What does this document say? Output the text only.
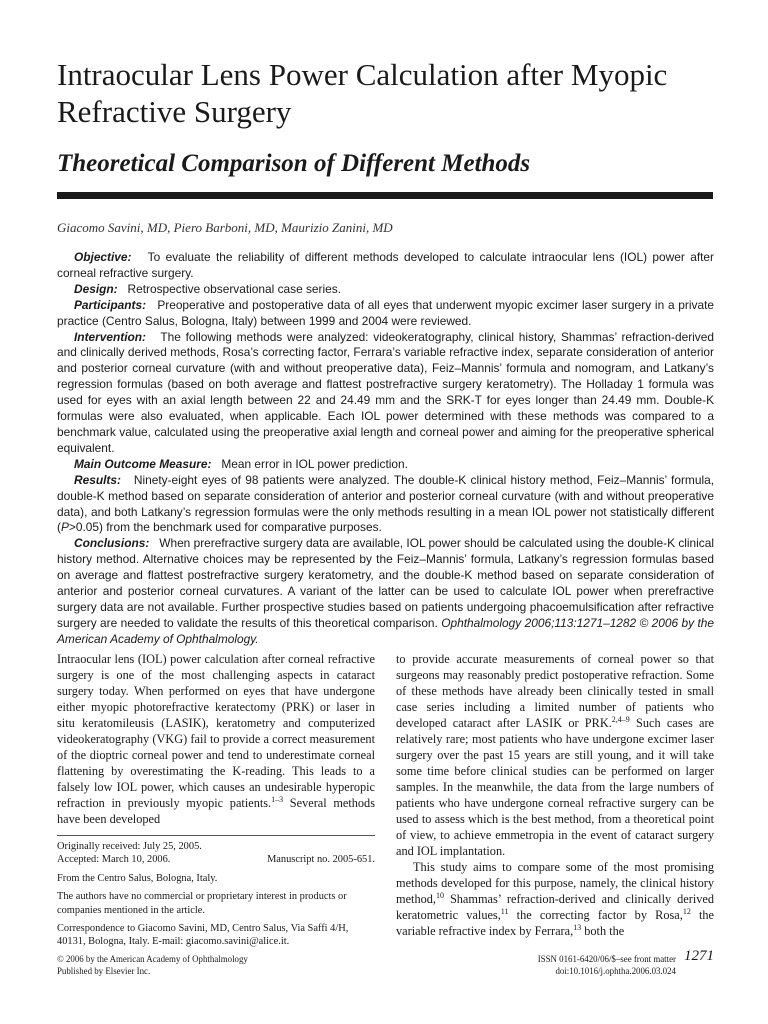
Intraocular Lens Power Calculation after Myopic Refractive Surgery
Theoretical Comparison of Different Methods
Giacomo Savini, MD, Piero Barboni, MD, Maurizio Zanini, MD

Objective: To evaluate the reliability of different methods developed to calculate intraocular lens (IOL) power after corneal refractive surgery.

Design: Retrospective observational case series.

Participants: Preoperative and postoperative data of all eyes that underwent myopic excimer laser surgery in a private practice (Centro Salus, Bologna, Italy) between 1999 and 2004 were reviewed.

Intervention: The following methods were analyzed: videokeratography, clinical history, Shammas’ refraction-derived and clinically derived methods, Rosa’s correcting factor, Ferrara’s variable refractive index, separate consideration of anterior and posterior corneal curvature (with and without preoperative data), Feiz–Mannis’ formula and nomogram, and Latkany’s regression formulas (based on both average and flattest postrefractive surgery keratometry). The Holladay 1 formula was used for eyes with an axial length between 22 and 24.49 mm and the SRK-T for eyes longer than 24.49 mm. Double-K formulas were also evaluated, when applicable. Each IOL power determined with these methods was compared to a benchmark value, calculated using the preoperative axial length and corneal power and aiming for the preoperative spherical equivalent.

Main Outcome Measure: Mean error in IOL power prediction.

Results: Ninety-eight eyes of 98 patients were analyzed. The double-K clinical history method, Feiz–Mannis’ formula, double-K method based on separate consideration of anterior and posterior corneal curvature (with and without preoperative data), and both Latkany’s regression formulas were the only methods resulting in a mean IOL power not statistically different (P>0.05) from the benchmark used for comparative purposes.

Conclusions: When prerefractive surgery data are available, IOL power should be calculated using the double-K clinical history method. Alternative choices may be represented by the Feiz–Mannis’ formula, Latkany’s regression formulas based on average and flattest postrefractive surgery keratometry, and the double-K method based on separate consideration of anterior and posterior corneal curvatures. A variant of the latter can be used to calculate IOL power when prerefractive surgery data are not available. Further prospective studies based on patients undergoing phacoemulsification after refractive surgery are needed to validate the results of this theoretical comparison. Ophthalmology 2006;113:1271–1282 © 2006 by the American Academy of Ophthalmology.

Intraocular lens (IOL) power calculation after corneal refractive surgery is one of the most challenging aspects in cataract surgery today. When performed on eyes that have undergone either myopic photorefractive keratectomy (PRK) or laser in situ keratomileusis (LASIK), keratometry and computerized videokeratography (VKG) fail to provide a correct measurement of the dioptric corneal power and tend to underestimate corneal flattening by overestimating the K-reading. This leads to a falsely low IOL power, which causes an undesirable hyperopic refraction in previously myopic patients.$^{1-3}$ Several methods have been developed

Originally received: July 25, 2005.
Accepted: March 10, 2006.	Manuscript no. 2005-651.
From the Centro Salus, Bologna, Italy.
The authors have no commercial or proprietary interest in products or companies mentioned in the article.
Correspondence to Giacomo Savini, MD, Centro Salus, Via Saffi 4/H, 40131, Bologna, Italy. E-mail: giacomo.savini@alice.it.

to provide accurate measurements of corneal power so that surgeons may reasonably predict postoperative refraction. Some of these methods have already been clinically tested in small case series including a limited number of patients who developed cataract after LASIK or PRK.$^{2,4-9}$ Such cases are relatively rare; most patients who have undergone excimer laser surgery over the past 15 years are still young, and it will take some time before clinical studies can be performed on larger samples. In the meanwhile, the data from the large numbers of patients who have undergone corneal refractive surgery can be used to assess which is the best method, from a theoretical point of view, to achieve emmetropia in the event of cataract surgery and IOL implantation.

This study aims to compare some of the most promising methods developed for this purpose, namely, the clinical history method,$^{10}$ Shammas’ refraction-derived and clinically derived keratometric values,$^{11}$ the correcting factor by Rosa,$^{12}$ the variable refractive index by Ferrara,$^{13}$ both the

© 2006 by the American Academy of Ophthalmology
Published by Elsevier Inc.
ISSN 0161-6420/06/$–see front matter
doi:10.1016/j.ophtha.2006.03.024
1271
